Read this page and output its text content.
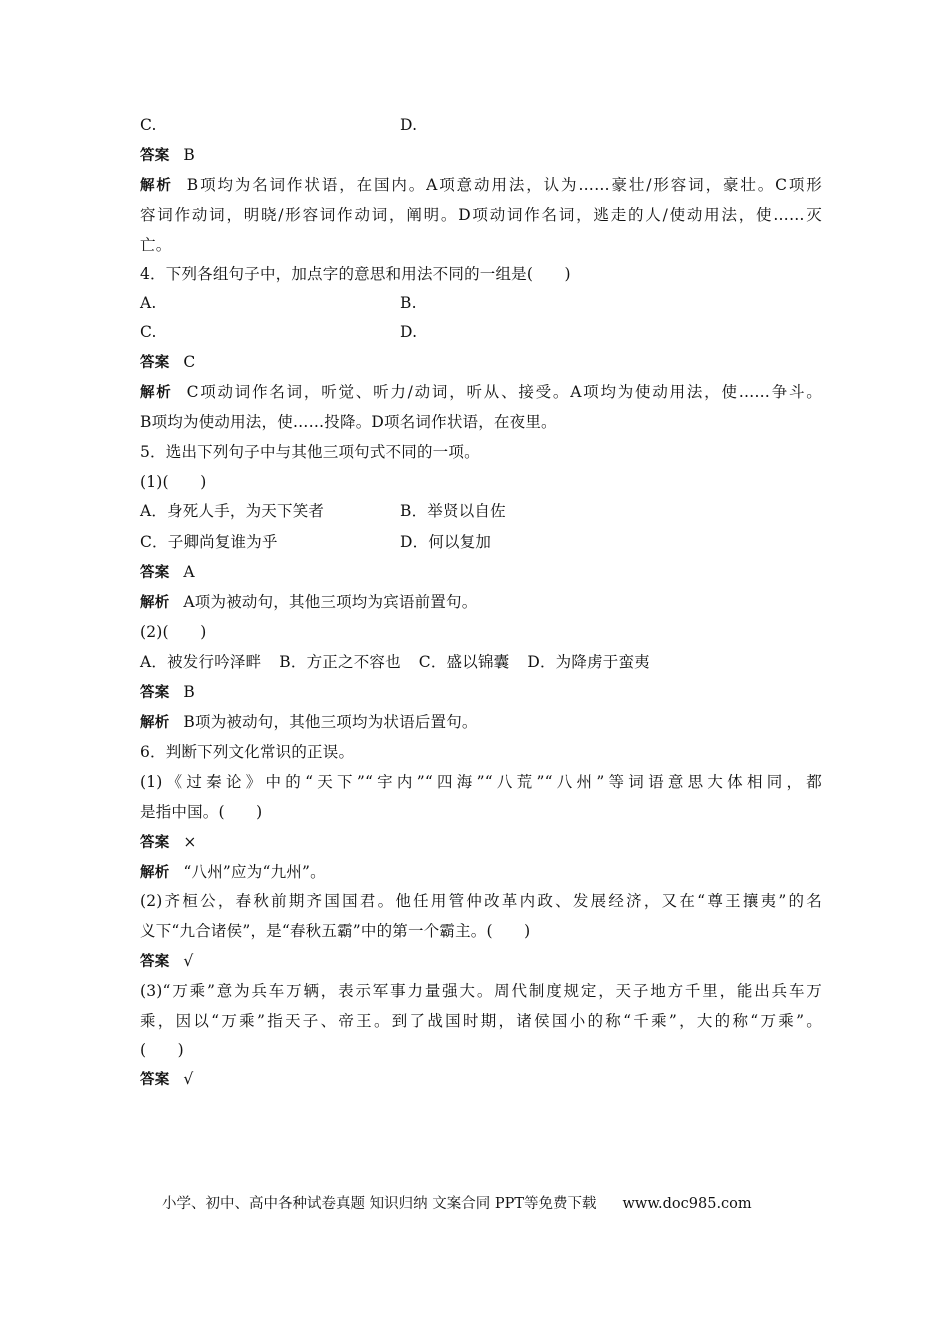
C.	D.
答案 B
解析 B项均为名词作状语，在国内。A项意动用法，认为……豪壮/形容词，豪壮。C项形
容词作动词，明晓/形容词作动词，阐明。D项动词作名词，逃走的人/使动用法，使……灭
亡。
4．下列各组句子中，加点字的意思和用法不同的一组是(　　)
A.	B.
C.	D.
答案 C
解析 C项动词作名词，听觉、听力/动词，听从、接受。A项均为使动用法，使……争斗。
B项均为使动用法，使……投降。D项名词作状语，在夜里。
5．选出下列句子中与其他三项句式不同的一项。
(1)(　　)
A．身死人手，为天下笑者	B．举贤以自佐
C．子卿尚复谁为乎	D．何以复加
答案 A
解析 A项为被动句，其他三项均为宾语前置句。
(2)(　　)
A．被发行吟泽畔 B．方正之不容也 C．盛以锦囊 D．为降虏于蛮夷
答案 B
解析 B项为被动句，其他三项均为状语后置句。
6．判断下列文化常识的正误。
(1)《过秦论》中的“天下”“宇内”“四海”“八荒”“八州”等词语意思大体相同，都
是指中国。(　　)
答案 ×
解析 “八州”应为“九州”。
(2)齐桓公，春秋前期齐国国君。他任用管仲改革内政、发展经济，又在“尊王攘夷”的名
义下“九合诸侯”，是“春秋五霸”中的第一个霸主。(　　)
答案 √
(3)“万乘”意为兵车万辆，表示军事力量强大。周代制度规定，天子地方千里，能出兵车万
乘，因以“万乘”指天子、帝王。到了战国时期，诸侯国小的称“千乘”，大的称“万乘”。
(　　)
答案 √
小学、初中、高中各种试卷真题 知识归纳 文案合同 PPT等免费下载 www.doc985.com
